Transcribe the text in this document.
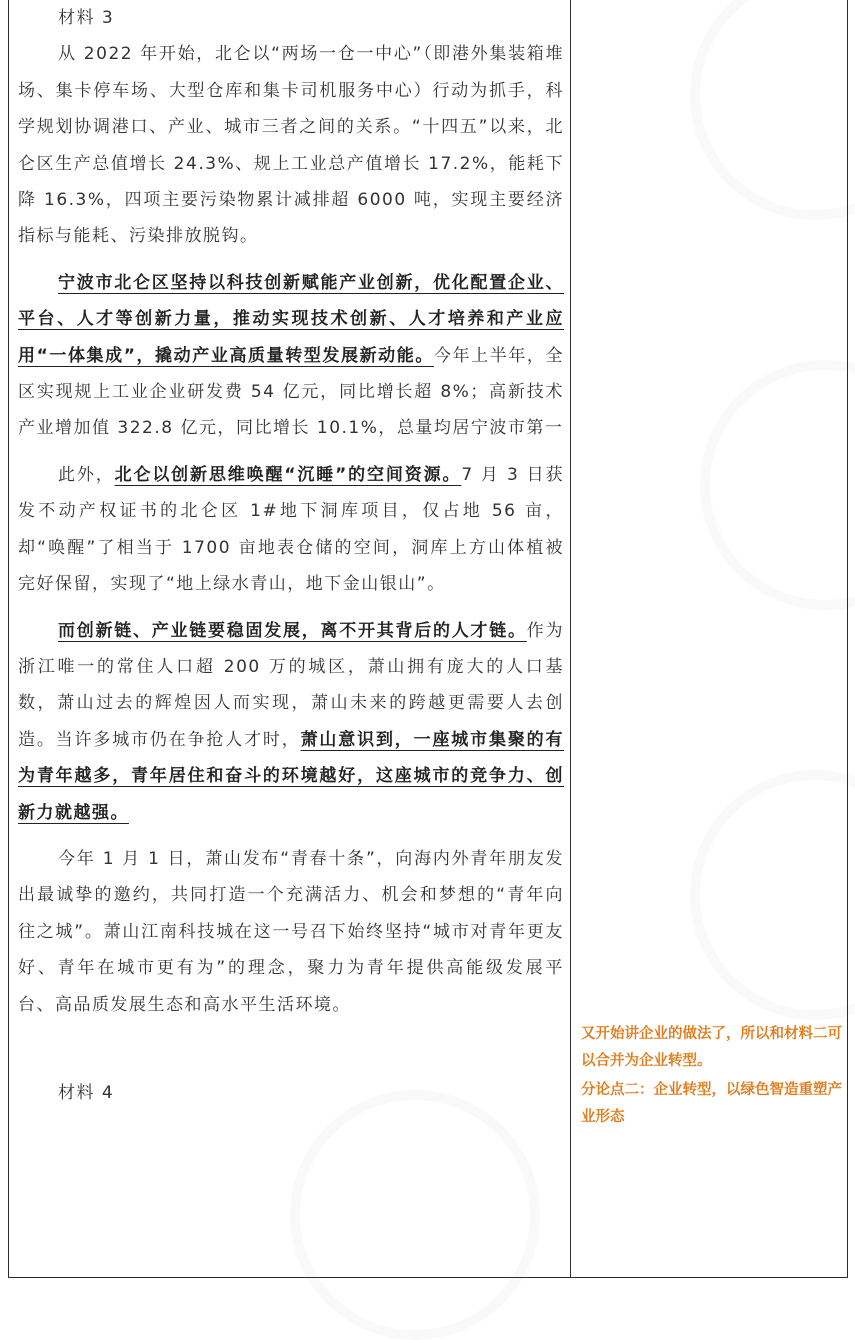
材料 3

从 2022 年开始，北仑以“两场一仓一中心”（即港外集装箱堆场、集卡停车场、大型仓库和集卡司机服务中心）行动为抓手，科学规划协调港口、产业、城市三者之间的关系。“十四五”以来，北仑区生产总值增长 24.3%、规上工业总产值增长 17.2%，能耗下降 16.3%，四项主要污染物累计减排超 6000 吨，实现主要经济指标与能耗、污染排放脱钩。

宁波市北仑区坚持以科技创新赋能产业创新，优化配置企业、平台、人才等创新力量，推动实现技术创新、人才培养和产业应用“一体集成”，撬动产业高质量转型发展新动能。今年上半年，全区实现规上工业企业研发费 54 亿元，同比增长超 8%；高新技术产业增加值 322.8 亿元，同比增长 10.1%，总量均居宁波市第一

此外，北仑以创新思维唤醒“沉睡”的空间资源。7 月 3 日获发不动产权证书的北仑区 1#地下洞库项目，仅占地 56 亩，却“唤醒”了相当于 1700 亩地表仓储的空间，洞库上方山体植被完好保留，实现了“地上绿水青山，地下金山银山”。

而创新链、产业链要稳固发展，离不开其背后的人才链。作为浙江唯一的常住人口超 200 万的城区，萧山拥有庞大的人口基数，萧山过去的辉煌因人而实现，萧山未来的跨越更需要人去创造。当许多城市仍在争抢人才时，萧山意识到，一座城市集聚的有为青年越多，青年居住和奋斗的环境越好，这座城市的竞争力、创新力就越强。

今年 1 月 1 日，萧山发布“青春十条”，向海内外青年朋友发出最诚挚的邀约，共同打造一个充满活力、机会和梦想的“青年向往之城”。萧山江南科技城在这一号召下始终坚持“城市对青年更友好、青年在城市更有为”的理念，聚力为青年提供高能级发展平台、高品质发展生态和高水平生活环境。

材料 4

又开始讲企业的做法了，所以和材料二可以合并为企业转型。

分论点二：企业转型，以绿色智造重塑产业形态
